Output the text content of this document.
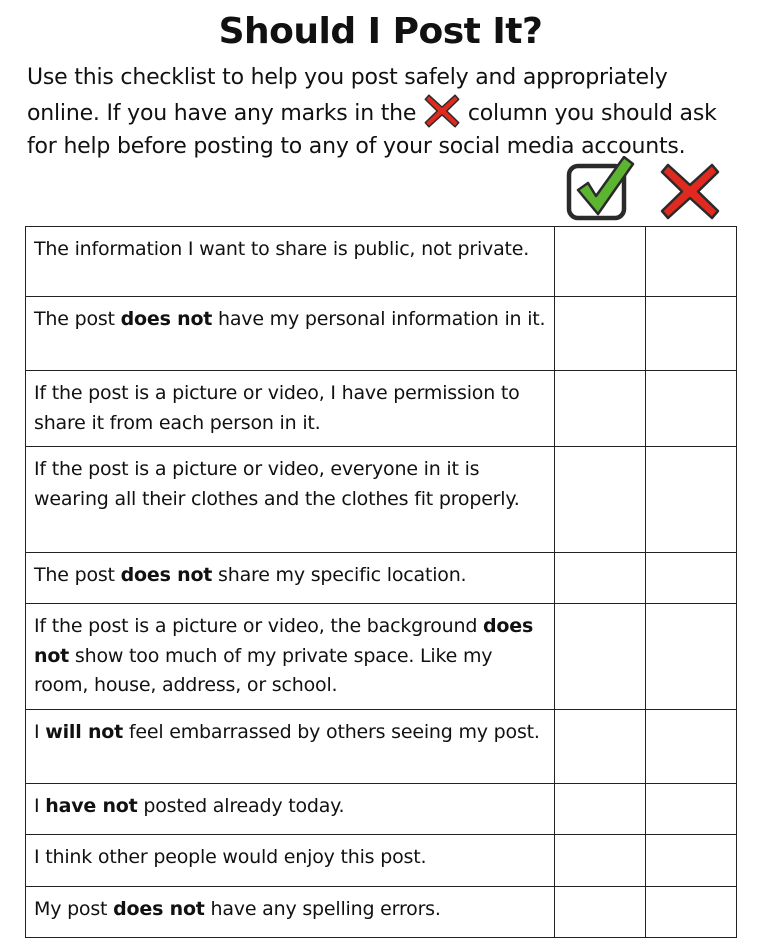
Should I Post It?
Use this checklist to help you post safely and appropriately online. If you have any marks in the column you should ask for help before posting to any of your social media accounts.
The information I want to share is public, not private.		
The post does not have my personal information in it.		
If the post is a picture or video, I have permission to share it from each person in it.		
If the post is a picture or video, everyone in it is wearing all their clothes and the clothes fit properly.		
The post does not share my specific location.		
If the post is a picture or video, the background does not show too much of my private space. Like my room, house, address, or school.		
I will not feel embarrassed by others seeing my post.		
I have not posted already today.		
I think other people would enjoy this post.		
My post does not have any spelling errors.		
